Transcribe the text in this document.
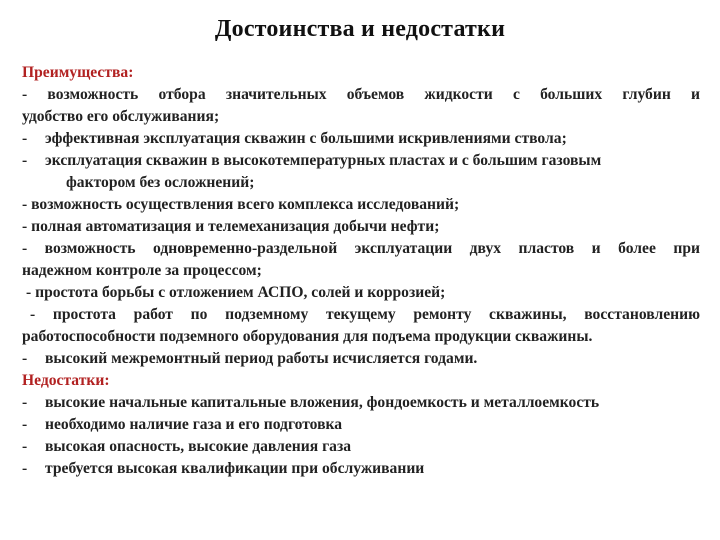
Достоинства и недостатки
Преимущества:
- возможность отбора значительных объемов жидкости с больших глубин и
удобство его обслуживания;
-	эффективная эксплуатация скважин с большими искривлениями ствола;
-	эксплуатация скважин в высокотемпературных пластах и с большим газовым
фактором без осложнений;
- возможность осуществления всего комплекса исследований;
- полная автоматизация и телемеханизация добычи нефти;
- возможность одновременно-раздельной эксплуатации двух пластов и более при
надежном контроле за процессом;
- простота борьбы с отложением АСПО, солей и коррозией;
- простота работ по подземному текущему ремонту скважины, восстановлению
работоспособности подземного оборудования для подъема продукции скважины.
-	высокий межремонтный период работы исчисляется годами.
Недостатки:
-	высокие начальные капитальные вложения, фондоемкость и металлоемкость
-	необходимо наличие газа и его подготовка
-	высокая опасность, высокие давления газа
-	требуется высокая квалификации при обслуживании
